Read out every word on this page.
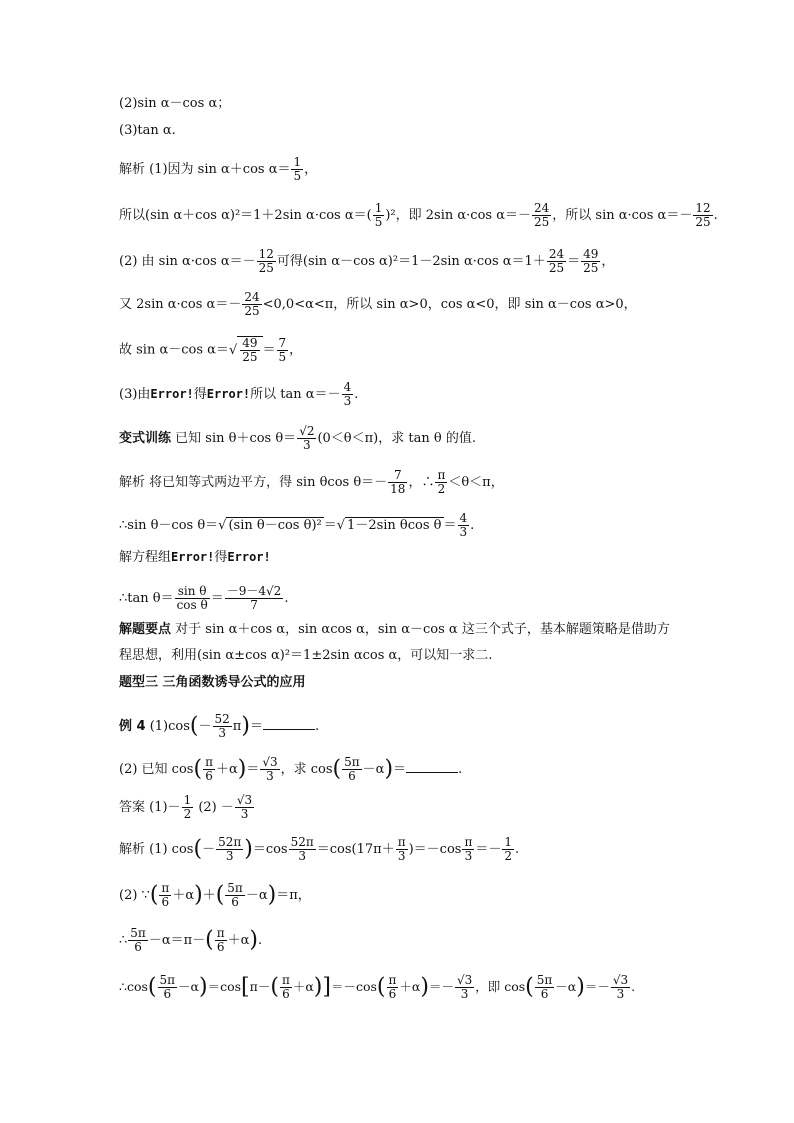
(2)sin α－cos α；
(3)tan α.
解析 (1)因为 sin α＋cos $\alpha= \frac{1}{5}$ ，
所以(sin α＋cos α)²＝1＋2sin α·cos $\alpha=( \frac{1}{5} )^2$，即 2sin α·cos $\alpha=- \frac{24}{25}$ ，所以 sin α·cos $\alpha=- \frac{12}{25}$ .
(2) 由 sin α·cos $\alpha=- \frac{12}{25}$ 可得(sin α－cos α)²＝1－2sin α·cos $\alpha=1+ \frac{24}{25} = \frac{49}{25}$ ，
又 2sin α·cos $\alpha=- \frac{24}{25} <0,0<\alpha<\pi$，所以 sin α>0，cos α<0，即 sin α－cos α>0，
故 sin α－cos $\alpha=√ \frac{49}{25} = \frac{7}{5}$ ，
(3)由Error!得Error!所以 $\tan \alpha=- \frac{4}{3}$ .
变式训练 已知 sin θ＋cos $\theta= \frac{√2}{3} (0<\theta<\pi)$，求 tan θ 的值.
解析 将已知等式两边平方，得 sin θcos $\theta=- \frac{7}{18}$ ，∴ $\frac{\pi}{2} <\theta<\pi$，
∴sin θ－cos θ＝√ (sin θ－cos θ)² ＝√ 1－2sin θcos $\theta = \frac{4}{3}$ .
解方程组Error!得Error!
∴tan $\theta= \frac{\text{sin θ}}{\text{cos θ}} = \frac{-9-4√2}{7}$ .
解题要点 对于 sin α＋cos α，sin αcos α，sin α－cos α 这三个式子，基本解题策略是借助方
程思想，利用(sin α±cos α)²＝1±2sin αcos α，可以知一求二.
题型三 三角函数诱导公式的应用
例 4 $(1)\cos(- \frac{52}{3} \pi)=$	.
(2) 已知 $\cos( \frac{\pi}{6} +\alpha)= \frac{√3}{3}$ ，求 $\cos( \frac{5\pi}{6} -\alpha)=$	.
答案 $(1)- \frac{1}{2} (2) - \frac{√3}{3}$
解析 (1) $\cos(- \frac{52\pi}{3} )=\cos \frac{52\pi}{3} =\cos(17\pi+ \frac{\pi}{3} )=-\cos \frac{\pi}{3} =- \frac{1}{2}$ .
(2) ∵( $\frac{\pi}{6} +\alpha)+( \frac{5\pi}{6} -\alpha)=\pi$，
∴ $\frac{5\pi}{6} -\alpha=\pi-( \frac{\pi}{6} +\alpha)$.
∴cos( $\frac{5\pi}{6} -\alpha)=\cos[\pi-( \frac{\pi}{6} +\alpha)]=-\cos( \frac{\pi}{6} +\alpha)=- \frac{√3}{3}$ ，即 $\cos( \frac{5\pi}{6} -\alpha)=- \frac{√3}{3}$ .
